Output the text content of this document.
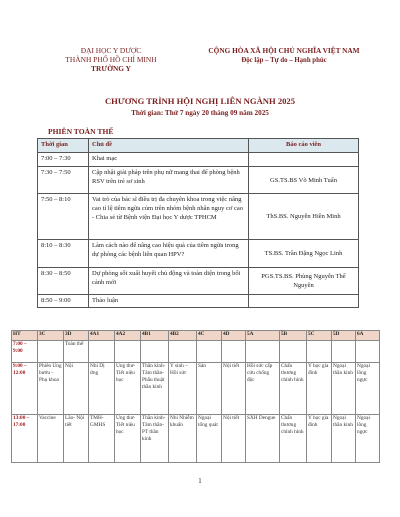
ĐẠI HỌC Y DƯỢC
THÀNH PHỐ HỒ CHÍ MINH
TRƯỜNG Y
CỘNG HÒA XÃ HỘI CHỦ NGHĨA VIỆT NAM
Độc lập – Tự do – Hạnh phúc
CHƯƠNG TRÌNH HỘI NGHỊ LIÊN NGÀNH 2025
Thời gian: Thứ 7 ngày 20 tháng 09 năm 2025
PHIÊN TOÀN THỂ
Thời gian	Chủ đề	Báo cáo viên
7:00 – 7:30	Khai mạc	
7:30 – 7:50	Cập nhật giải pháp trên phụ nữ mang thai để phòng bệnh RSV trên trẻ sơ sinh	GS.TS.BS Võ Minh Tuấn
7:50 – 8:10	Vai trò của bác sĩ điều trị đa chuyên khoa trong việc nâng cao tỉ lệ tiêm ngừa cúm trên nhóm bệnh nhân nguy cơ cao - Chia sẻ từ Bệnh viện Đại học Y dược TPHCM	ThS.BS. Nguyễn Hiền Minh
8:10 – 8:30	Làm cách nào để nâng cao hiệu quả của tiêm ngừa trong dự phòng các bệnh liên quan HPV?	TS.BS. Trần Đặng Ngọc Linh
8:30 – 8:50	Dự phòng sốt xuất huyết chủ động và toàn diện trong bối cảnh mới	PGS.TS.BS. Phùng Nguyễn Thế Nguyên
8:50 – 9:00	Thảo luận	
HT	3C	3D	4A1	4A2	4B1	4B2	4C	4D	5A	5B	5C	5D	6A
7:00 – 9:00		Toàn thể											
9:00 – 12:00	Phiên Ung bướu - Phụ khoa	Nội	Nhi Dị ứng	Ung thư- Tiết niệu học	Thần kinh- Tâm thần- Phẫu thuật thần kinh	Y sinh – Hồi sức	Sản	Nội tiết	Hồi sức cấp cứu chống độc	Chấn thương chỉnh hình	Y học gia đình	Ngoại thần kinh	Ngoại lồng ngực
13:00 – 17:00	Vaccine	Lão- Nội tiết	TMH- GMHS	Ung thư- Tiết niệu học	Thần kinh- Tâm thần- PT thần kinh	Nhi Nhiễm khuẩn	Ngoại tổng quát	Nội tiết	SXH Dengue	Chấn thương chỉnh hình	Y học gia đình	Ngoại thần kinh	Ngoại lồng ngực
1
